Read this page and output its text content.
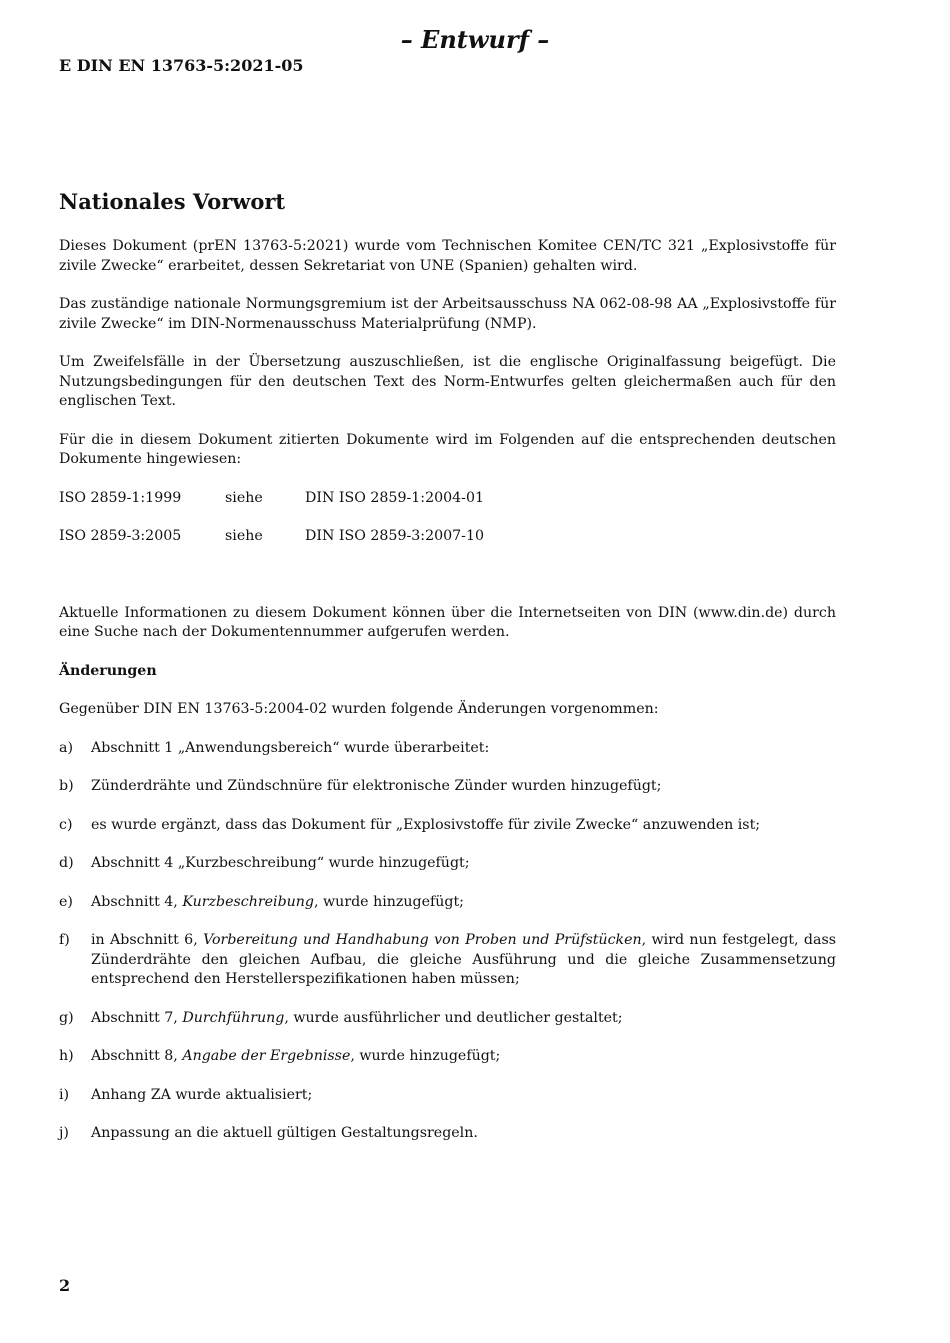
– Entwurf –
E DIN EN 13763-5:2021-05
Nationales Vorwort

Dieses Dokument (prEN 13763-5:2021) wurde vom Technischen Komitee CEN/TC 321 „Explosivstoffe für zivile Zwecke“ erarbeitet, dessen Sekretariat von UNE (Spanien) gehalten wird.

Das zuständige nationale Normungsgremium ist der Arbeitsausschuss NA 062-08-98 AA „Explosivstoffe für zivile Zwecke“ im DIN-Normenausschuss Materialprüfung (NMP).

Um Zweifelsfälle in der Übersetzung auszuschließen, ist die englische Originalfassung beigefügt. Die Nutzungsbedingungen für den deutschen Text des Norm-Entwurfes gelten gleichermaßen auch für den englischen Text.

Für die in diesem Dokument zitierten Dokumente wird im Folgenden auf die entsprechenden deutschen Dokumente hingewiesen:

ISO 2859-1:1999	siehe	DIN ISO 2859-1:2004-01
ISO 2859-3:2005	siehe	DIN ISO 2859-3:2007-10

Aktuelle Informationen zu diesem Dokument können über die Internetseiten von DIN (www.din.de) durch eine Suche nach der Dokumentennummer aufgerufen werden.

Änderungen

Gegenüber DIN EN 13763-5:2004-02 wurden folgende Änderungen vorgenommen:

a)	Abschnitt 1 „Anwendungsbereich“ wurde überarbeitet:
b)	Zünderdrähte und Zündschnüre für elektronische Zünder wurden hinzugefügt;
c)	es wurde ergänzt, dass das Dokument für „Explosivstoffe für zivile Zwecke“ anzuwenden ist;
d)	Abschnitt 4 „Kurzbeschreibung“ wurde hinzugefügt;
e)	Abschnitt 4, Kurzbeschreibung, wurde hinzugefügt;
f)	in Abschnitt 6, Vorbereitung und Handhabung von Proben und Prüfstücken, wird nun festgelegt, dass Zünderdrähte den gleichen Aufbau, die gleiche Ausführung und die gleiche Zusammensetzung entsprechend den Herstellerspezifikationen haben müssen;
g)	Abschnitt 7, Durchführung, wurde ausführlicher und deutlicher gestaltet;
h)	Abschnitt 8, Angabe der Ergebnisse, wurde hinzugefügt;
i)	Anhang ZA wurde aktualisiert;
j)	Anpassung an die aktuell gültigen Gestaltungsregeln.
2
